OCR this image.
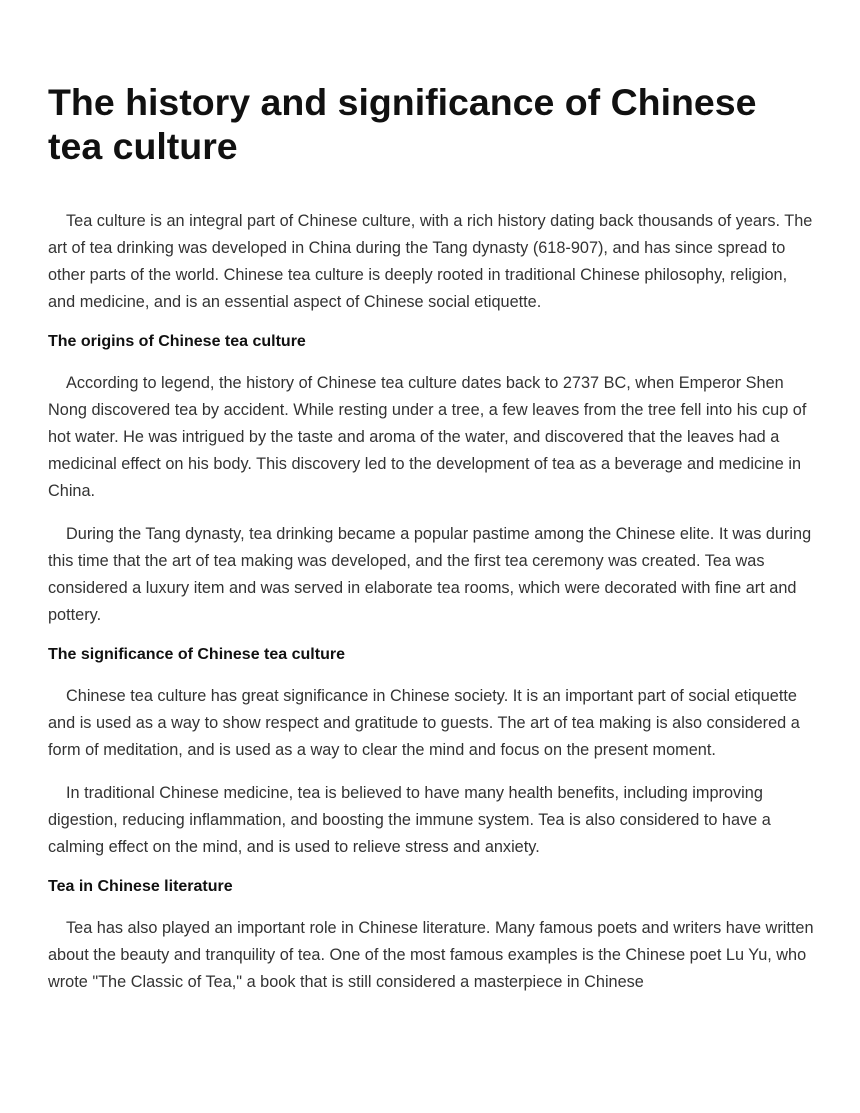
The history and significance of Chinese tea culture

Tea culture is an integral part of Chinese culture, with a rich history dating back thousands of years. The art of tea drinking was developed in China during the Tang dynasty (618-907), and has since spread to other parts of the world. Chinese tea culture is deeply rooted in traditional Chinese philosophy, religion, and medicine, and is an essential aspect of Chinese social etiquette.

The origins of Chinese tea culture

According to legend, the history of Chinese tea culture dates back to 2737 BC, when Emperor Shen Nong discovered tea by accident. While resting under a tree, a few leaves from the tree fell into his cup of hot water. He was intrigued by the taste and aroma of the water, and discovered that the leaves had a medicinal effect on his body. This discovery led to the development of tea as a beverage and medicine in China.

During the Tang dynasty, tea drinking became a popular pastime among the Chinese elite. It was during this time that the art of tea making was developed, and the first tea ceremony was created. Tea was considered a luxury item and was served in elaborate tea rooms, which were decorated with fine art and pottery.

The significance of Chinese tea culture

Chinese tea culture has great significance in Chinese society. It is an important part of social etiquette and is used as a way to show respect and gratitude to guests. The art of tea making is also considered a form of meditation, and is used as a way to clear the mind and focus on the present moment.

In traditional Chinese medicine, tea is believed to have many health benefits, including improving digestion, reducing inflammation, and boosting the immune system. Tea is also considered to have a calming effect on the mind, and is used to relieve stress and anxiety.

Tea in Chinese literature

Tea has also played an important role in Chinese literature. Many famous poets and writers have written about the beauty and tranquility of tea. One of the most famous examples is the Chinese poet Lu Yu, who wrote "The Classic of Tea," a book that is still considered a masterpiece in Chinese
